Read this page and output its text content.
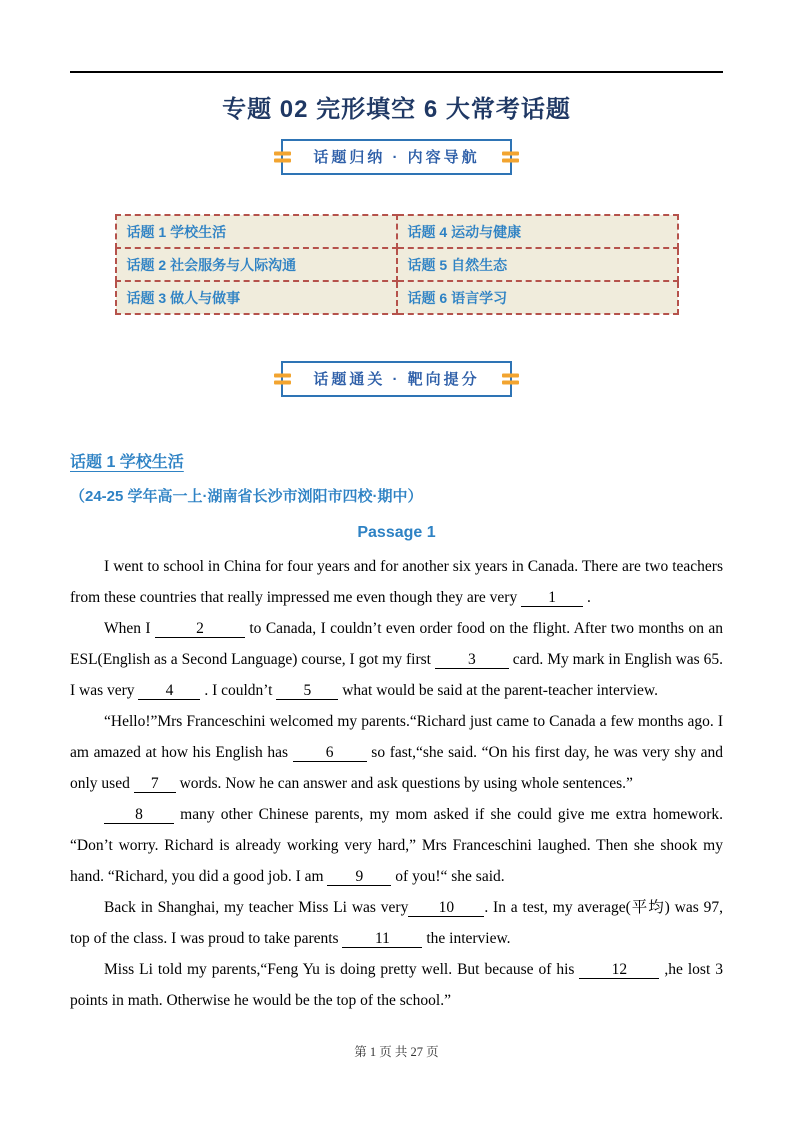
专题 02 完形填空 6 大常考话题
话题归纳 · 内容导航
话题 1 学校生活	话题 4 运动与健康
话题 2 社会服务与人际沟通	话题 5 自然生态
话题 3 做人与做事	话题 6 语言学习
话题通关 · 靶向提分
话题 1 学校生活
（24-25 学年高一上·湖南省长沙市浏阳市四校·期中）
Passage 1

I went to school in China for four years and for another six years in Canada. There are two teachers from these countries that really impressed me even though they are very 1 .

When I	2	to Canada, I couldn’t even order food on the flight. After two months on an ESL(English as a Second Language) course, I got my first 3 card. My mark in English was 65. I was very 4 . I couldn’t 5 what would be said at the parent-teacher interview.

“Hello!”Mrs Franceschini welcomed my parents.“Richard just came to Canada a few months ago. I am amazed at how his English has 6 so fast,“she said. “On his first day, he was very shy and only used 7 words. Now he can answer and ask questions by using whole sentences.”

8 many other Chinese parents, my mom asked if she could give me extra homework. “Don’t worry. Richard is already working very hard,” Mrs Franceschini laughed. Then she shook my hand. “Richard, you did a good job. I am 9 of you!“ she said.

Back in Shanghai, my teacher Miss Li was very 10 . In a test, my average(平均) was 97, top of the class. I was proud to take parents 11 the interview.

Miss Li told my parents,“Feng Yu is doing pretty well. But because of his 12 ,he lost 3 points in math. Otherwise he would be the top of the school.”

第 1 页 共 27 页
